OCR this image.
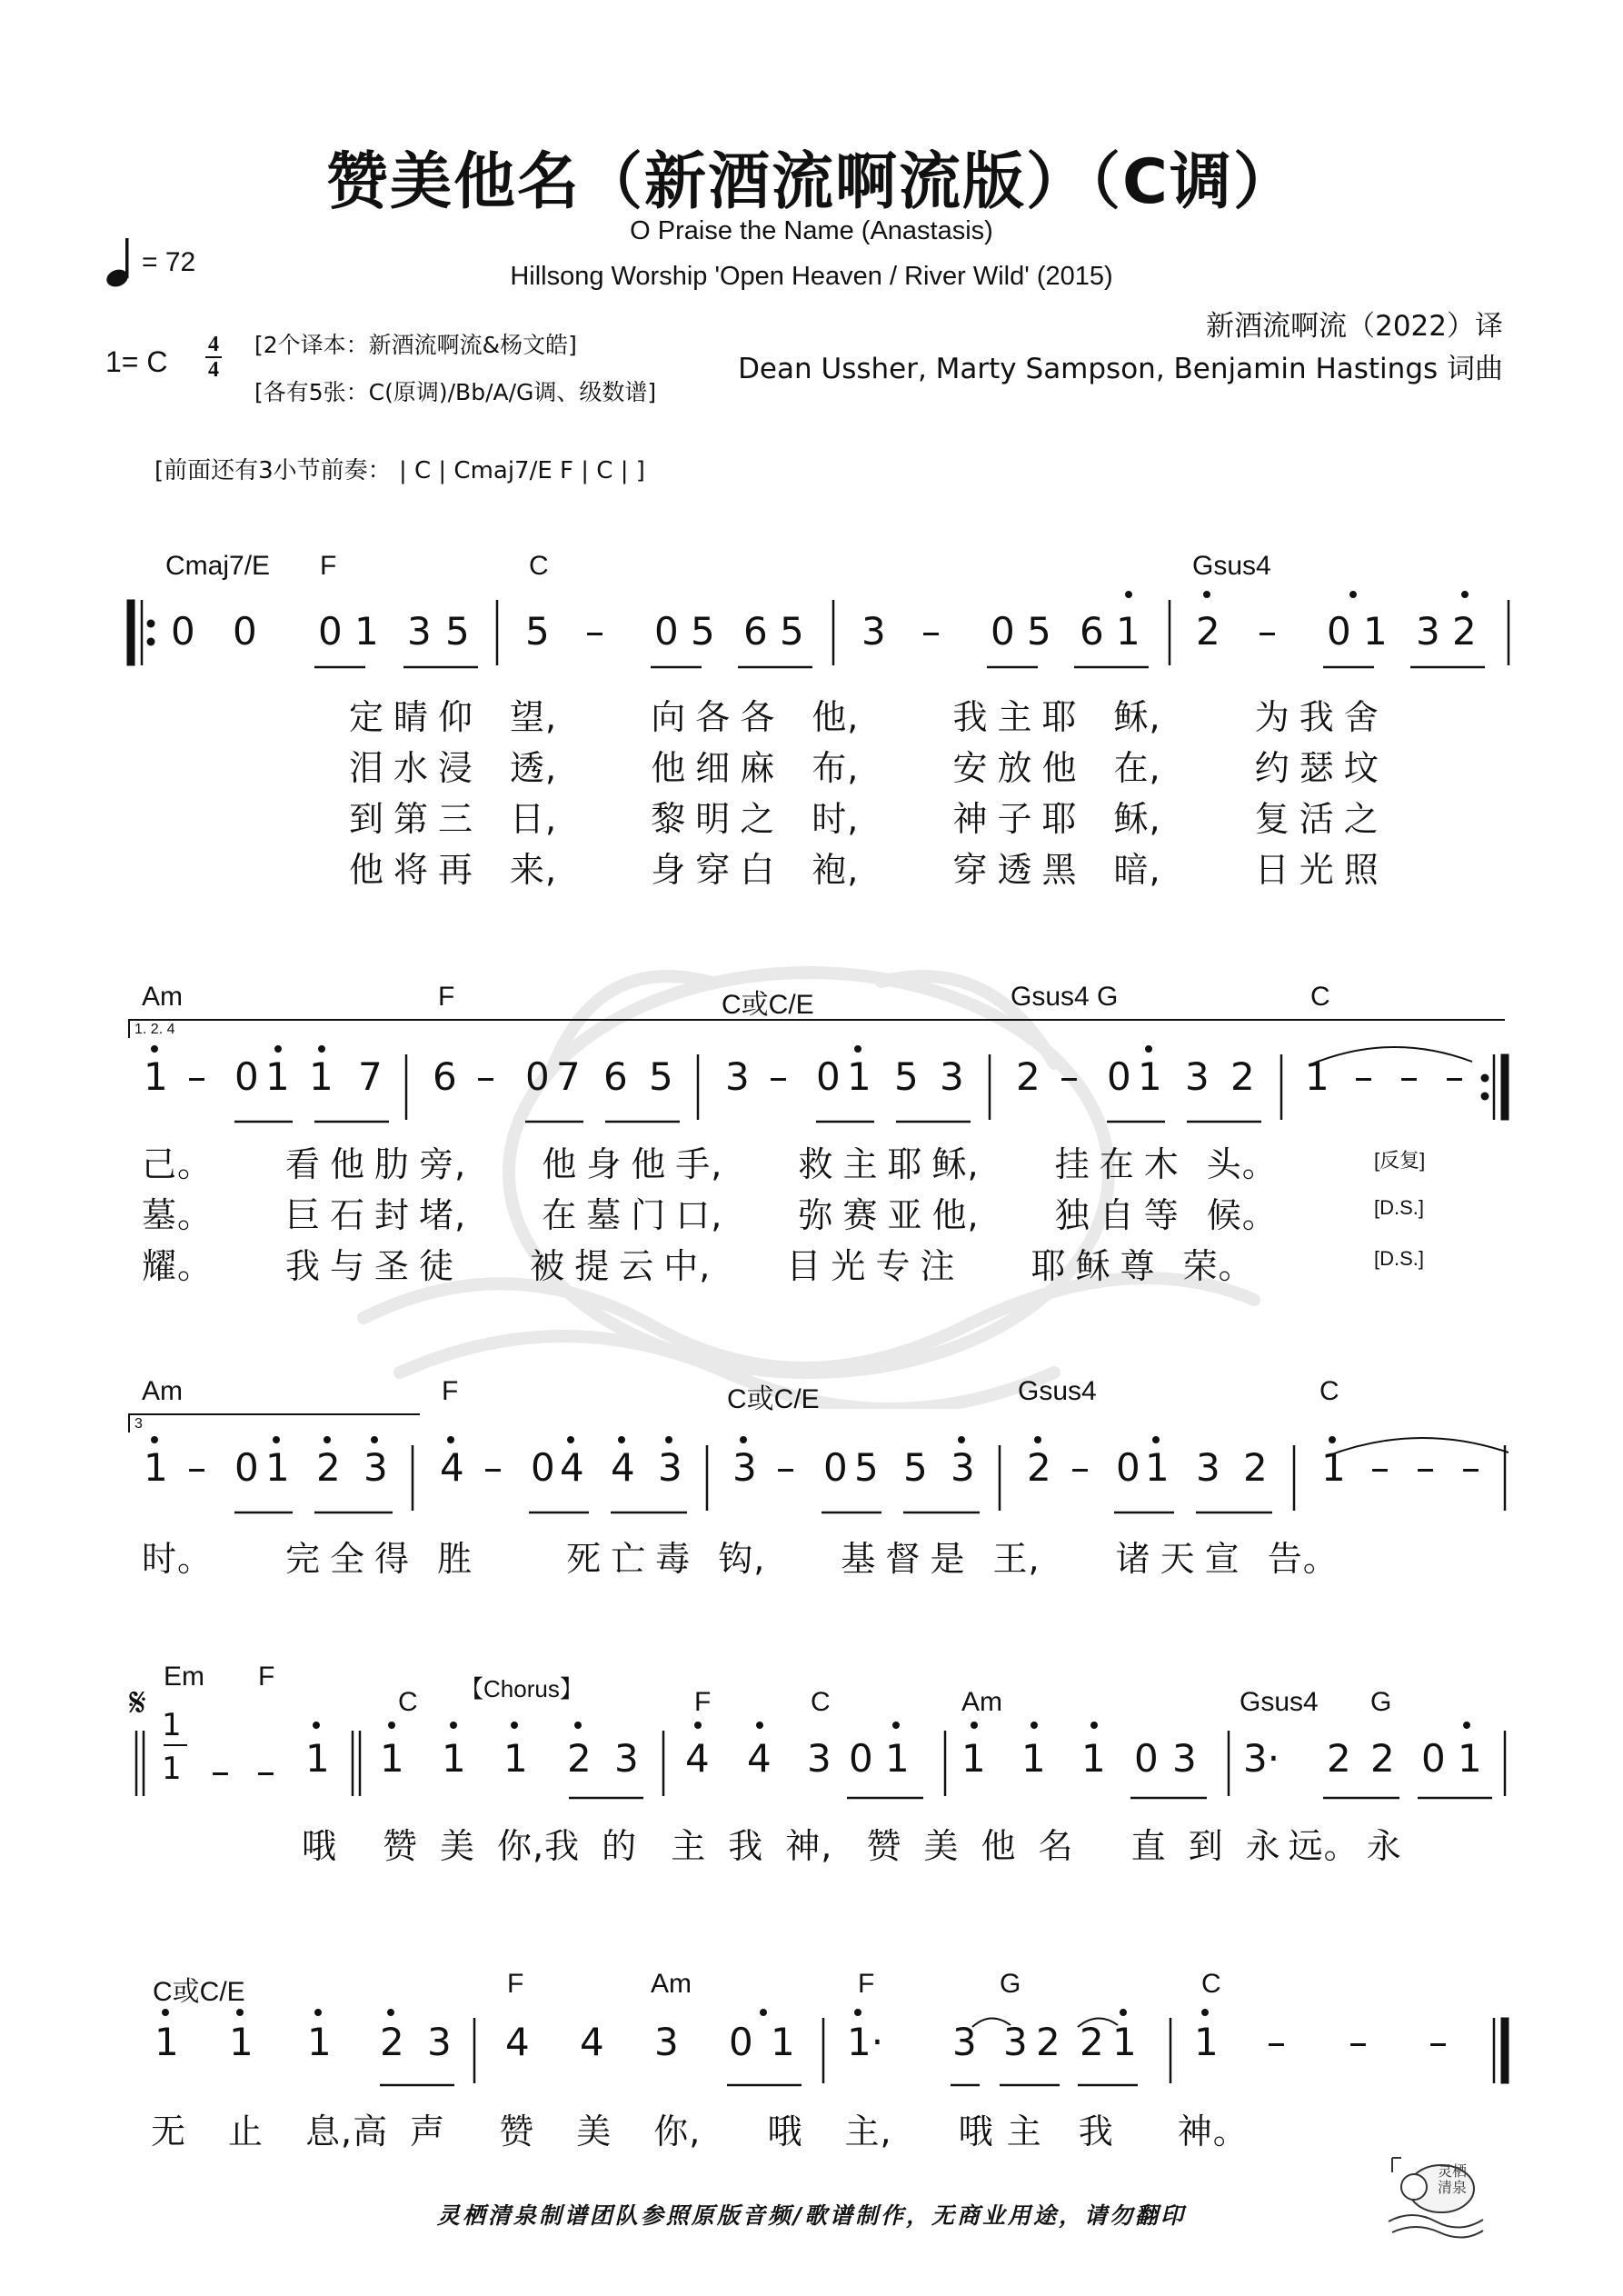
赞美他名（新酒流啊流版）（C调）
O Praise the Name (Anastasis)
Hillsong Worship 'Open Heaven / River Wild' (2015)
新酒流啊流（2022）译
Dean Ussher, Marty Sampson, Benjamin Hastings 词曲
= 72
1= C
4
4
[2个译本：新酒流啊流&杨文皓]
[各有5张：C(原调)/Bb/A/G调、级数谱]
[前面还有3小节前奏： | C | Cmaj7/E F | C | ]
Cmaj7/E F	C	Gsus4
0 0 0 1 3 5 5 – 0 5 6 5 3 – 0 5 6 1 2 – 0 1 3 2
定 睛 仰 望,	向 各 各 他,	我 主 耶 稣,	为 我 舍
泪 水 浸 透,	他 细 麻 布,	安 放 他 在,	约 瑟 坟
到 第 三 日,	黎 明 之 时,	神 子 耶 稣,	复 活 之
他 将 再 来,	身 穿 白 袍,	穿 透 黑 暗,	日 光 照
Am	F	C或C/E	Gsus4 G	C
1. 2. 4
1 – 0 1 1 7 6 – 0 7 6 5 3 – 0 1 5 3 2 – 0 1 3 2 1 – – –
己。 看 他 肋 旁, 他 身 他 手, 救 主 耶 稣, 挂 在 木 头。
墓。 巨 石 封 堵, 在 墓 门 口, 弥 赛 亚 他, 独 自 等 候。
耀。 我 与 圣 徒 被 提 云 中, 目 光 专 注 耶 稣 尊 荣。
[反复]
[D.S.]
[D.S.]
Am	F	C或C/E	Gsus4	C
3
1 – 0 1 2 3 4 – 0 4 4 3 3 – 0 5 5 3 2 – 0 1 3 2 1 – – –
时。 完 全 得 胜	死 亡 毒 钩, 基 督 是 王, 诸 天 宣 告。
Em F
C 【Chorus】	F	C	Am	Gsus4 G
𝄋 1
1 – – 1 1 1 1 2 3 4 4 3 0 1 1 1 1 0 3 3· 2 2 0 1
哦 赞 美 你,我 的 主 我 神, 赞 美 他 名 直 到 永 远。 永
C或C/E	F	Am	F	G	C
1 1 1 2 3 4 4 3 0 1 1· 3 3 2 2 1 1 – – –
无 止 息,高 声 赞 美 你, 哦 主, 哦 主 我 神。
灵栖清泉制谱团队参照原版音频/歌谱制作，无商业用途，请勿翻印
灵栖清泉
